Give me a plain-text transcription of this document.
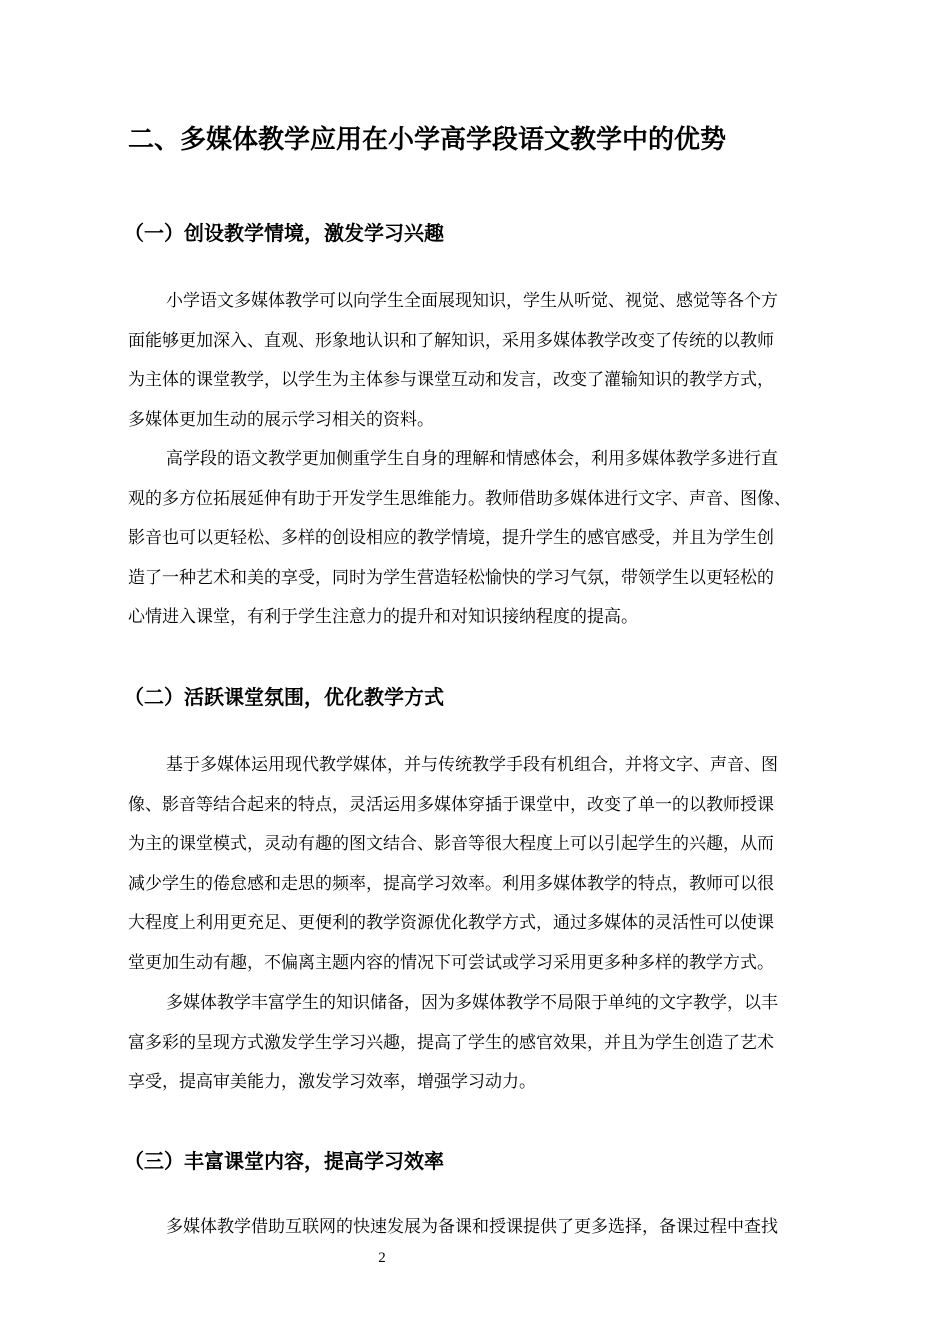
二、多媒体教学应用在小学高学段语文教学中的优势
（一）创设教学情境，激发学习兴趣
小学语文多媒体教学可以向学生全面展现知识，学生从听觉、视觉、感觉等各个方
面能够更加深入、直观、形象地认识和了解知识，采用多媒体教学改变了传统的以教师
为主体的课堂教学，以学生为主体参与课堂互动和发言，改变了灌输知识的教学方式，
多媒体更加生动的展示学习相关的资料。
高学段的语文教学更加侧重学生自身的理解和情感体会，利用多媒体教学多进行直
观的多方位拓展延伸有助于开发学生思维能力。教师借助多媒体进行文字、声音、图像、
影音也可以更轻松、多样的创设相应的教学情境，提升学生的感官感受，并且为学生创
造了一种艺术和美的享受，同时为学生营造轻松愉快的学习气氛，带领学生以更轻松的
心情进入课堂，有利于学生注意力的提升和对知识接纳程度的提高。
（二）活跃课堂氛围，优化教学方式
基于多媒体运用现代教学媒体，并与传统教学手段有机组合，并将文字、声音、图
像、影音等结合起来的特点，灵活运用多媒体穿插于课堂中，改变了单一的以教师授课
为主的课堂模式，灵动有趣的图文结合、影音等很大程度上可以引起学生的兴趣，从而
减少学生的倦怠感和走思的频率，提高学习效率。利用多媒体教学的特点，教师可以很
大程度上利用更充足、更便利的教学资源优化教学方式，通过多媒体的灵活性可以使课
堂更加生动有趣，不偏离主题内容的情况下可尝试或学习采用更多种多样的教学方式。
多媒体教学丰富学生的知识储备，因为多媒体教学不局限于单纯的文字教学，以丰
富多彩的呈现方式激发学生学习兴趣，提高了学生的感官效果，并且为学生创造了艺术
享受，提高审美能力，激发学习效率，增强学习动力。
（三）丰富课堂内容，提高学习效率
多媒体教学借助互联网的快速发展为备课和授课提供了更多选择，备课过程中查找
2
